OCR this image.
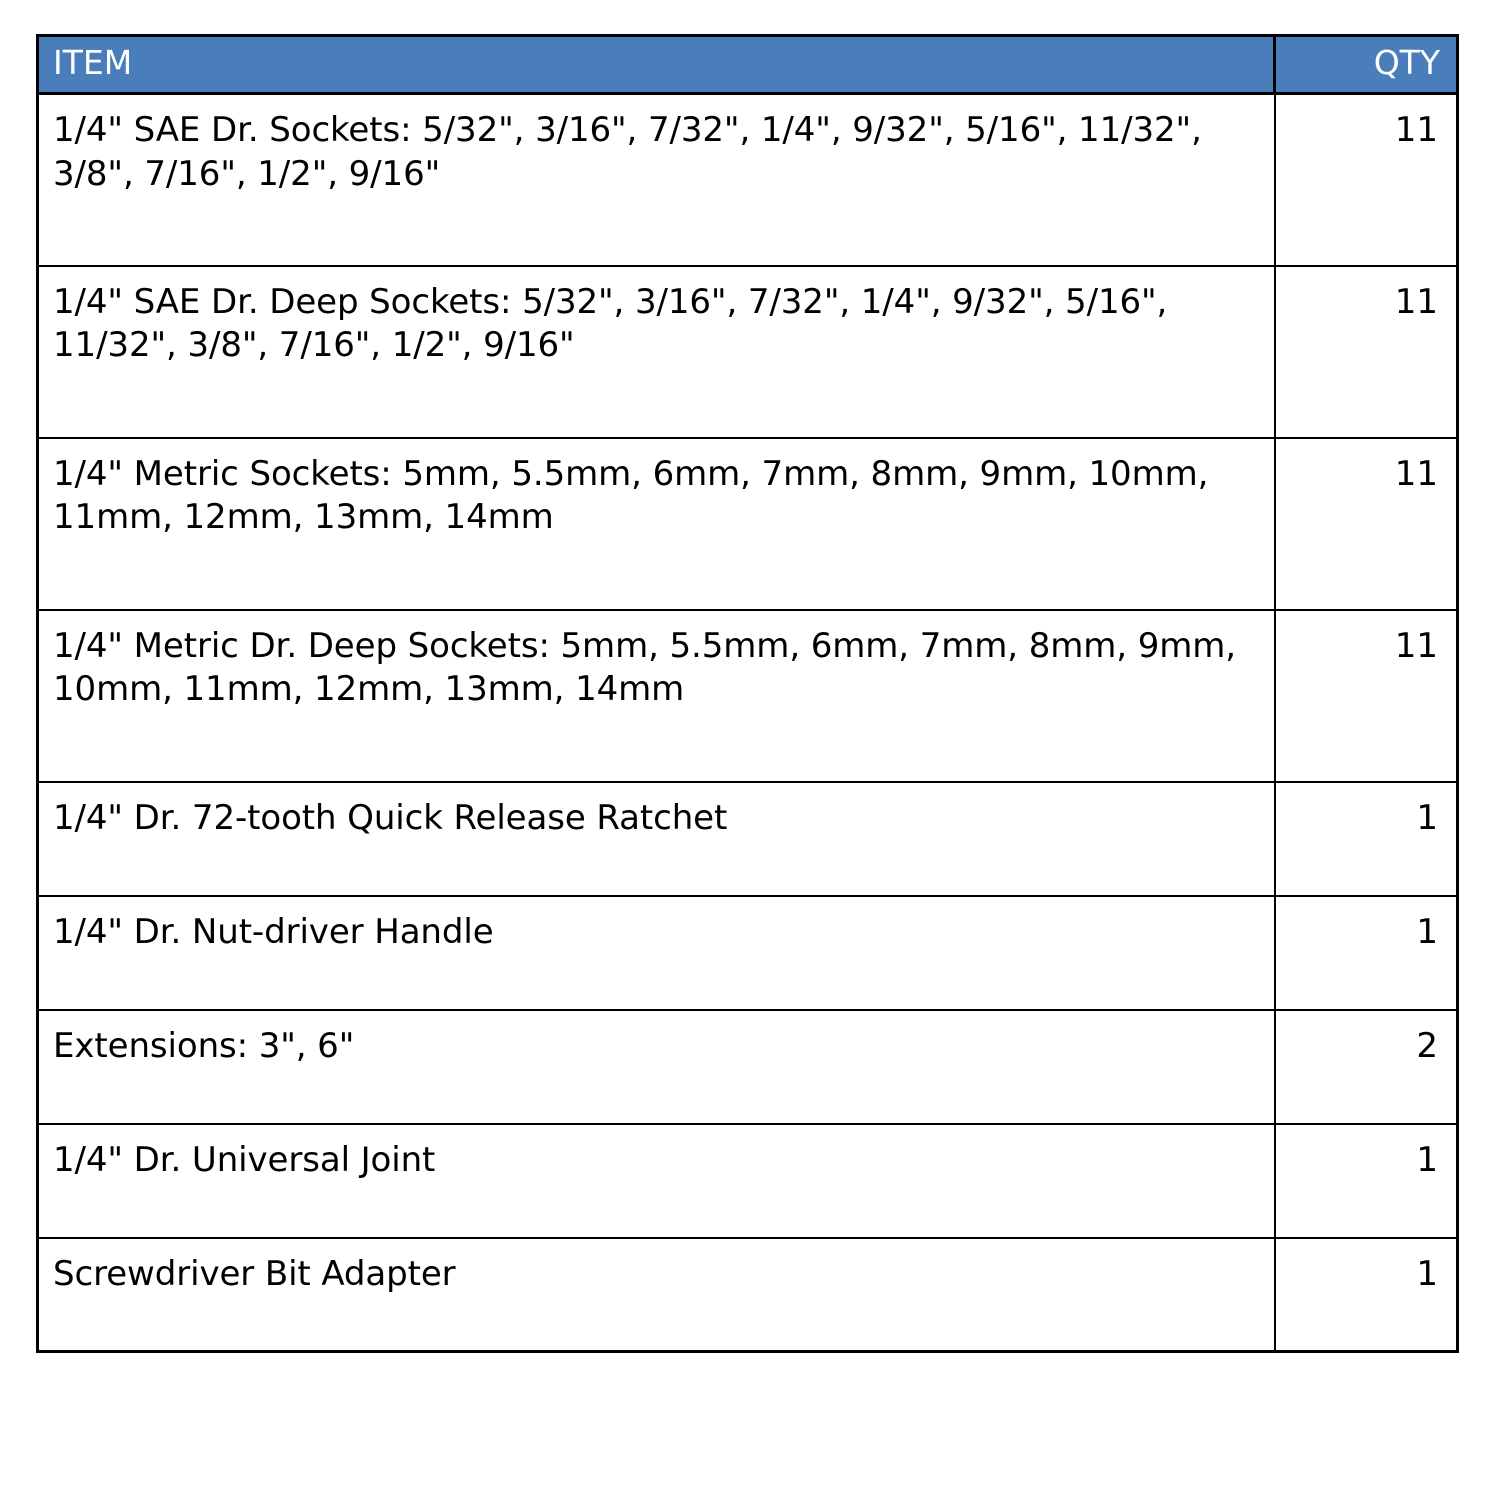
ITEM	QTY
1/4" SAE Dr. Sockets: 5/32", 3/16", 7/32", 1/4", 9/32", 5/16", 11/32", 3/8", 7/16", 1/2", 9/16"	11
1/4" SAE Dr. Deep Sockets: 5/32", 3/16", 7/32", 1/4", 9/32", 5/16", 11/32", 3/8", 7/16", 1/2", 9/16"	11
1/4" Metric Sockets: 5mm, 5.5mm, 6mm, 7mm, 8mm, 9mm, 10mm, 11mm, 12mm, 13mm, 14mm	11
1/4" Metric Dr. Deep Sockets: 5mm, 5.5mm, 6mm, 7mm, 8mm, 9mm, 10mm, 11mm, 12mm, 13mm, 14mm	11
1/4" Dr. 72-tooth Quick Release Ratchet	1
1/4" Dr. Nut-driver Handle	1
Extensions: 3", 6"	2
1/4" Dr. Universal Joint	1
Screwdriver Bit Adapter	1
